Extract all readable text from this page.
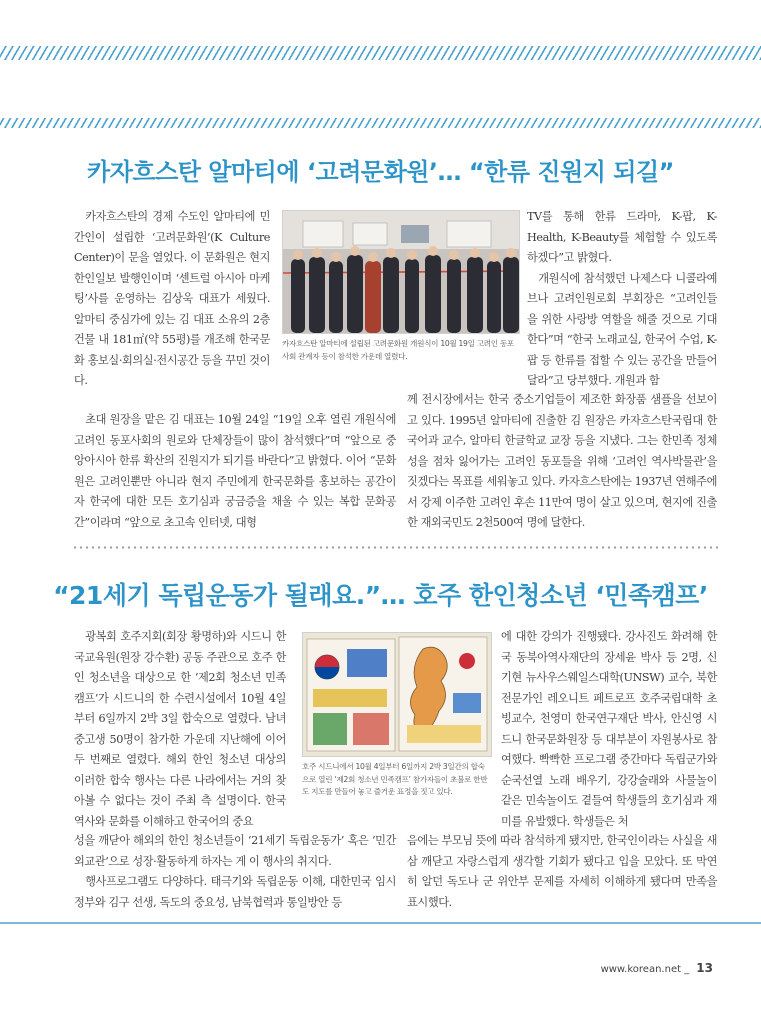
카자흐스탄 알마티에 ‘고려문화원’… “한류 진원지 되길”

카자흐스탄의 경제 수도인 알마티에 민간인이 설립한 ‘고려문화원’(K Culture Center)이 문을 열었다. 이 문화원은 현지 한인일보 발행인이며 ‘센트럴 아시아 마케팅’사를 운영하는 김상욱 대표가 세웠다. 알마티 중심가에 있는 김 대표 소유의 2층 건물 내 181㎡(약 55평)를 개조해 한국문화 홍보실·회의실·전시공간 등을 꾸민 것이다.

카자흐스탄 알마티에 설립된 고려문화원 개원식이 10월 19일 고려인 동포사회 관계자 등이 참석한 가운데 열렸다.

초대 원장을 맡은 김 대표는 10월 24일 “19일 오후 열린 개원식에 고려인 동포사회의 원로와 단체장들이 많이 참석했다”며 “앞으로 중앙아시아 한류 확산의 진원지가 되기를 바란다”고 밝혔다. 이어 “문화원은 고려인뿐만 아니라 현지 주민에게 한국문화를 홍보하는 공간이자 한국에 대한 모든 호기심과 궁금증을 채울 수 있는 복합 문화공간”이라며 “앞으로 초고속 인터넷, 대형

TV를 통해 한류 드라마, K-팝, K-Health, K-Beauty를 체험할 수 있도록 하겠다”고 밝혔다.

개원식에 참석했던 나제스다 니콜라예브나 고려인원로회 부회장은 “고려인들을 위한 사랑방 역할을 해줄 것으로 기대한다”며 “한국 노래교실, 한국어 수업, K-팝 등 한류를 접할 수 있는 공간을 만들어 달라”고 당부했다. 개원과 함

께 전시장에서는 한국 중소기업들이 제조한 화장품 샘플을 선보이고 있다. 1995년 알마티에 진출한 김 원장은 카자흐스탄국립대 한국어과 교수, 알마티 한글학교 교장 등을 지냈다. 그는 한민족 정체성을 점차 잃어가는 고려인 동포들을 위해 ‘고려인 역사박물관’을 짓겠다는 목표를 세워놓고 있다. 카자흐스탄에는 1937년 연해주에서 강제 이주한 고려인 후손 11만여 명이 살고 있으며, 현지에 진출한 재외국민도 2천500여 명에 달한다.

“21세기 독립운동가 될래요.”… 호주 한인청소년 ‘민족캠프’

광복회 호주지회(회장 황명하)와 시드니 한국교육원(원장 강수환) 공동 주관으로 호주 한인 청소년을 대상으로 한 ‘제2회 청소년 민족캠프’가 시드니의 한 수련시설에서 10월 4일부터 6일까지 2박 3일 합숙으로 열렸다. 남녀 중고생 50명이 참가한 가운데 지난해에 이어 두 번째로 열렸다. 해외 한인 청소년 대상의 이러한 합숙 행사는 다른 나라에서는 거의 찾아볼 수 없다는 것이 주최 측 설명이다. 한국 역사와 문화를 이해하고 한국어의 중요

호주 시드니에서 10월 4일부터 6일까지 2박 3일간의 합숙으로 열린 ‘제2회 청소년 민족캠프’ 참가자들이 초불로 한반도 지도를 만들어 놓고 즐거운 표정을 짓고 있다.

성을 깨닫아 해외의 한인 청소년들이 ‘21세기 독립운동가’ 혹은 ‘민간외교관’으로 성장·활동하게 하자는 게 이 행사의 취지다.

행사프로그램도 다양하다. 태극기와 독립운동 이해, 대한민국 임시정부와 김구 선생, 독도의 중요성, 남북협력과 통일방안 등

에 대한 강의가 진행됐다. 강사진도 화려해 한국 동북아역사재단의 장세윤 박사 등 2명, 신기현 뉴사우스웨일스대학(UNSW) 교수, 북한 전문가인 레오니트 페트로프 호주국립대학 초빙교수, 천영미 한국연구재단 박사, 안신영 시드니 한국문화원장 등 대부분이 자원봉사로 참여했다. 빡빡한 프로그램 중간마다 독립군가와 순국선열 노래 배우기, 강강술래와 사물놀이 같은 민속놀이도 곁들여 학생들의 호기심과 재미를 유발했다. 학생들은 처

음에는 부모님 뜻에 따라 참석하게 됐지만, 한국인이라는 사실을 새삼 깨닫고 자랑스럽게 생각할 기회가 됐다고 입을 모았다. 또 막연히 알던 독도나 군 위안부 문제를 자세히 이해하게 됐다며 만족을 표시했다.

www.korean.net _ 13
